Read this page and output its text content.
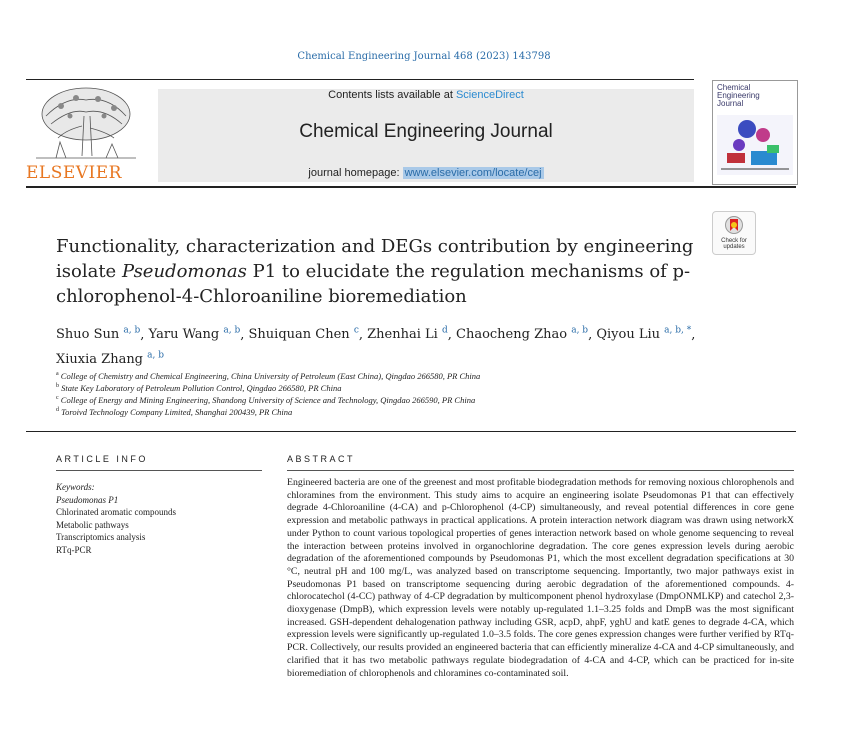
Chemical Engineering Journal 468 (2023) 143798
ELSEVIER
Contents lists available at ScienceDirect
Chemical Engineering Journal
journal homepage: www.elsevier.com/locate/cej
Chemical Engineering Journal
Check for updates
Functionality, characterization and DEGs contribution by engineering isolate Pseudomonas P1 to elucidate the regulation mechanisms of p-chlorophenol-4-Chloroaniline bioremediation
Shuo Sun $^{a, b}$, Yaru Wang $^{a, b}$, Shuiquan Chen $^c$, Zhenhai Li $^d$, Chaocheng Zhao $^{a, b}$, Qiyou Liu $^{a, b, *}$,
Xiuxia Zhang $^{a, b}$
$^a$ College of Chemistry and Chemical Engineering, China University of Petroleum (East China), Qingdao 266580, PR China
$^b$ State Key Laboratory of Petroleum Pollution Control, Qingdao 266580, PR China
$^c$ College of Energy and Mining Engineering, Shandong University of Science and Technology, Qingdao 266590, PR China
$^d$ Toroivd Technology Company Limited, Shanghai 200439, PR China
ARTICLE INFO
Keywords:
Pseudomonas P1
Chlorinated aromatic compounds
Metabolic pathways
Transcriptomics analysis
RTq-PCR
ABSTRACT
Engineered bacteria are one of the greenest and most profitable biodegradation methods for removing noxious chlorophenols and chloramines from the environment. This study aims to acquire an engineering isolate Pseudomonas P1 that can effectively degrade 4-Chloroaniline (4-CA) and p-Chlorophenol (4-CP) simultaneously, and reveal potential differences in core gene expression and metabolic pathways in practical applications. A protein interaction network diagram was drawn using networkX under Python to count various topological properties of genes interaction network based on whole genome sequencing to reveal the interaction between proteins involved in organochlorine degradation. The core genes expression levels during aerobic degradation of the aforementioned compounds by Pseudomonas P1, which the most excellent degradation specifications at 30 °C, neutral pH and 100 mg/L, was analyzed based on transcriptome sequencing. Importantly, two major pathways exist in Pseudomonas P1 based on transcriptome sequencing during aerobic degradation of the aforementioned compounds. 4-chlorocatechol (4-CC) pathway of 4-CP degradation by multicomponent phenol hydroxylase (DmpONMLKP) and catechol 2,3-dioxygenase (DmpB), which expression levels were notably up-regulated 1.1–3.25 folds and DmpB was the most significant increased. GSH-dependent dehalogenation pathway including GSR, acpD, ahpF, yghU and katE genes to degrade 4-CA, which expression levels were significantly up-regulated 1.0–3.5 folds. The core genes expression changes were further verified by RTq-PCR. Collectively, our results provided an engineered bacteria that can efficiently mineralize 4-CA and 4-CP simultaneously, and clarified that it has two metabolic pathways regulate biodegradation of 4-CA and 4-CP, which can be practiced for in-site bioremediation of chlorophenols and chloramines co-contaminated soil.
